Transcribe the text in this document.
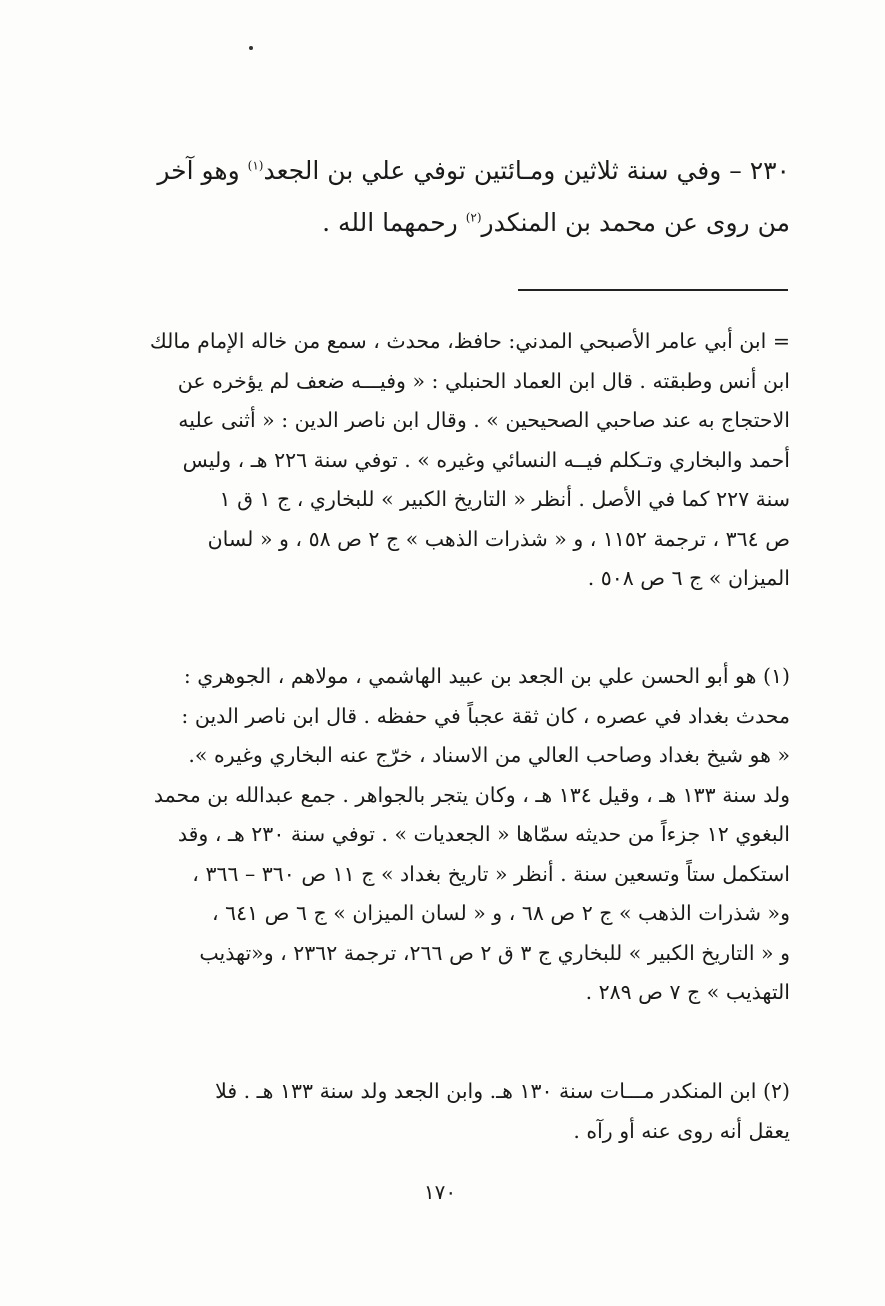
٢٣٠ – وفي سنة ثلاثين ومـائتين توفي علي بن الجعد$^{(١)}$ وهو آخر
من روى عن محمد بن المنكدر$^{(٢)}$ رحمهما الله .

= ابن أبي عامر الأصبحي المدني: حافظ، محدث ، سمع من خاله الإمام مالك
ابن أنس وطبقته . قال ابن العماد الحنبلي : « وفيـــه ضعف لم يؤخره عن
الاحتجاج به عند صاحبي الصحيحين » . وقال ابن ناصر الدين : « أثنى عليه
أحمد والبخاري وتـكلم فيــه النسائي وغيره » . توفي سنة ٢٢٦ هـ ، وليس
سنة ٢٢٧ كما في الأصل . أنظر « التاريخ الكبير » للبخاري ، ج ١ ق ١
ص ٣٦٤ ، ترجمة ١١٥٢ ، و « شذرات الذهب » ج ٢ ص ٥٨ ، و « لسان
الميزان » ج ٦ ص ٥٠٨ .

(١) هو أبو الحسن علي بن الجعد بن عبيد الهاشمي ، مولاهم ، الجوهري :
محدث بغداد في عصره ، كان ثقة عجباً في حفظه . قال ابن ناصر الدين :
« هو شيخ بغداد وصاحب العالي من الاسناد ، خرّج عنه البخاري وغيره ».
ولد سنة ١٣٣ هـ ، وقيل ١٣٤ هـ ، وكان يتجر بالجواهر . جمع عبدالله بن محمد
البغوي ١٢ جزءاً من حديثه سمّاها « الجعديات » . توفي سنة ٢٣٠ هـ ، وقد
استكمل ستاً وتسعين سنة . أنظر « تاريخ بغداد » ج ١١ ص ٣٦٠ – ٣٦٦ ،
و« شذرات الذهب » ج ٢ ص ٦٨ ، و « لسان الميزان » ج ٦ ص ٦٤١ ،
و « التاريخ الكبير » للبخاري ج ٣ ق ٢ ص ٢٦٦، ترجمة ٢٣٦٢ ، و«تهذيب
التهذيب » ج ٧ ص ٢٨٩ .

(٢) ابن المنكدر مـــات سنة ١٣٠ هـ. وابن الجعد ولد سنة ١٣٣ هـ . فلا
يعقل أنه روى عنه أو رآه .

١٧٠
